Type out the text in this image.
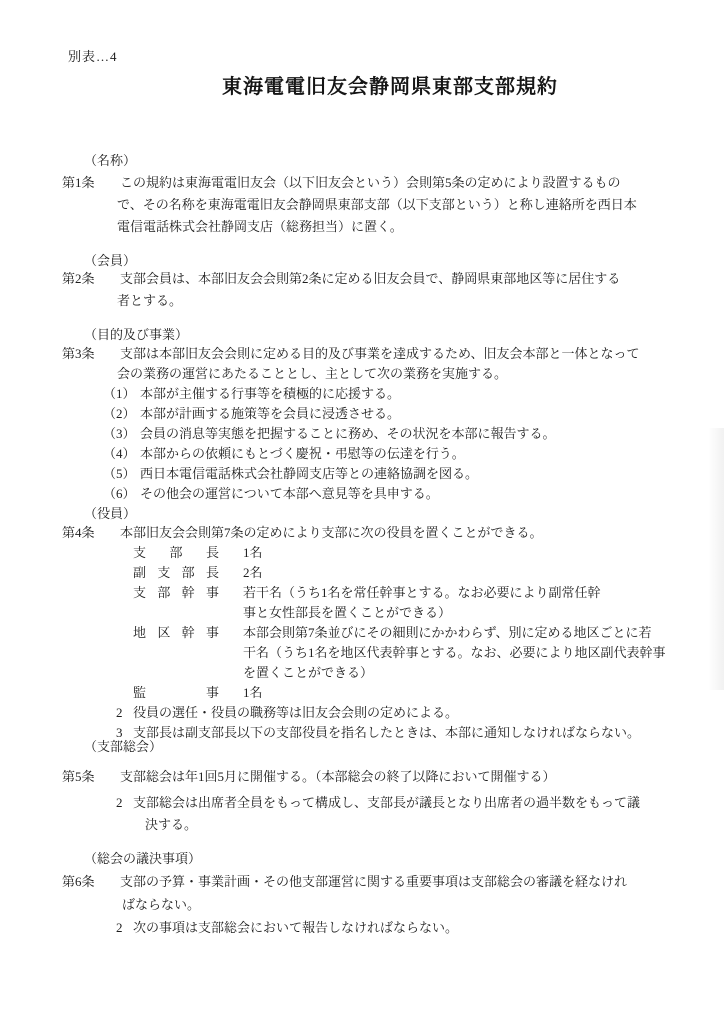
別表…4
東海電電旧友会静岡県東部支部規約
（名称）
第1条 この規約は東海電電旧友会（以下旧友会という）会則第5条の定めにより設置するもの
で、その名称を東海電電旧友会静岡県東部支部（以下支部という）と称し連絡所を西日本
電信電話株式会社静岡支店（総務担当）に置く。
（会員）
第2条 支部会員は、本部旧友会会則第2条に定める旧友会員で、静岡県東部地区等に居住する
者とする。
（目的及び事業）
第3条 支部は本部旧友会会則に定める目的及び事業を達成するため、旧友会本部と一体となって
会の業務の運営にあたることとし、主として次の業務を実施する。
（1） 本部が主催する行事等を積極的に応援する。
（2） 本部が計画する施策等を会員に浸透させる。
（3） 会員の消息等実態を把握することに務め、その状況を本部に報告する。
（4） 本部からの依頼にもとづく慶祝・弔慰等の伝達を行う。
（5） 西日本電信電話株式会社静岡支店等との連絡協調を図る。
（6） その他会の運営について本部へ意見等を具申する。
（役員）
第4条 本部旧友会会則第7条の定めにより支部に次の役員を置くことができる。
支部長 1名
副支部長 2名
支部幹事 若干名（うち1名を常任幹事とする。なお必要により副常任幹
事と女性部長を置くことができる）
地区幹事 本部会則第7条並びにその細則にかかわらず、別に定める地区ごとに若
干名（うち1名を地区代表幹事とする。なお、必要により地区副代表幹事
を置くことができる）
監事 1名
2 役員の選任・役員の職務等は旧友会会則の定めによる。
3 支部長は副支部長以下の支部役員を指名したときは、本部に通知しなければならない。
（支部総会）
第5条 支部総会は年1回5月に開催する。（本部総会の終了以降において開催する）
2 支部総会は出席者全員をもって構成し、支部長が議長となり出席者の過半数をもって議
決する。
（総会の議決事項）
第6条 支部の予算・事業計画・その他支部運営に関する重要事項は支部総会の審議を経なけれ
ばならない。
2 次の事項は支部総会において報告しなければならない。
